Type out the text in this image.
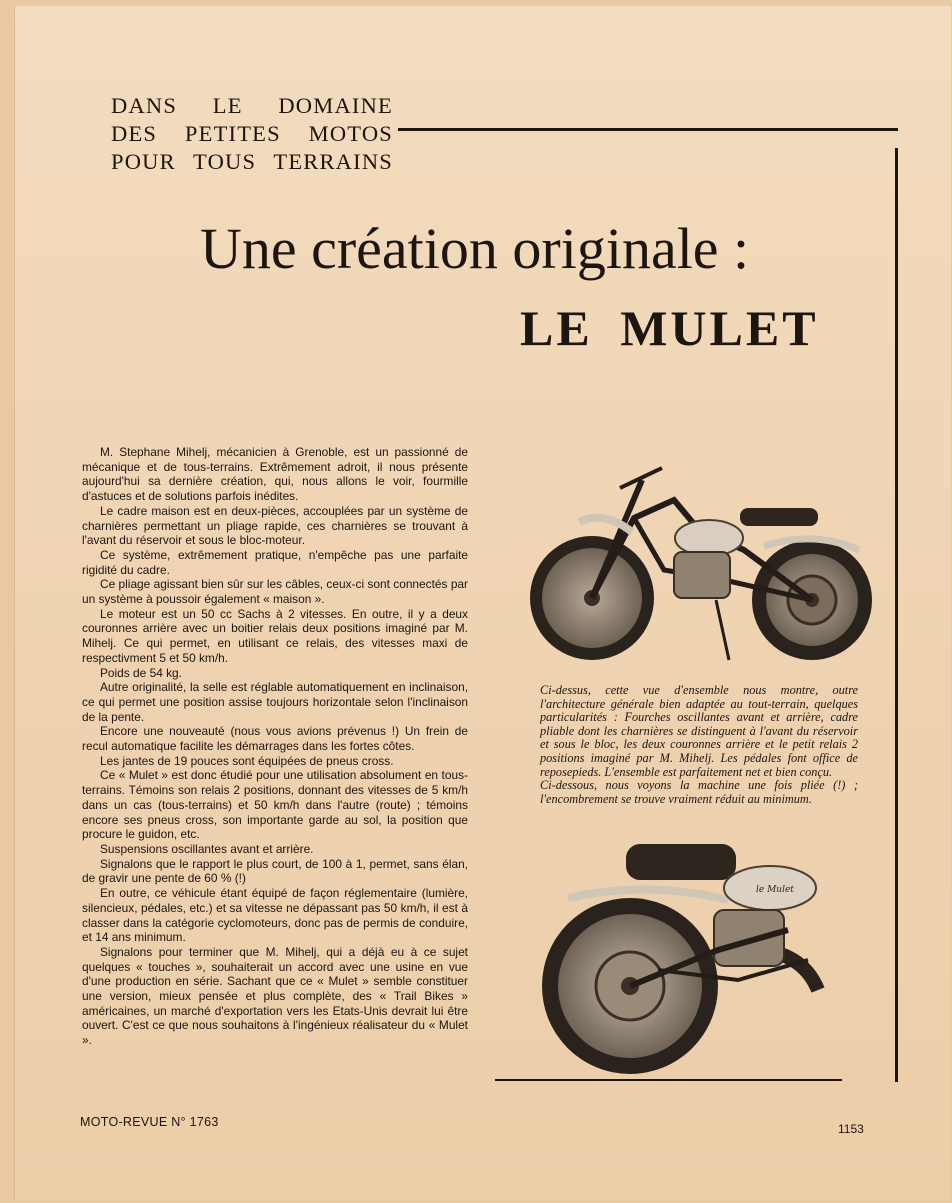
DANS LE DOMAINE
DES PETITES MOTOS
POUR TOUS TERRAINS
Une création originale :
LE MULET

M. Stephane Mihelj, mécanicien à Grenoble, est un passionné de mécanique et de tous-terrains. Extrêmement adroit, il nous présente aujourd'hui sa dernière création, qui, nous allons le voir, fourmille d'astuces et de solutions parfois inédites.

Le cadre maison est en deux-pièces, accouplées par un système de charnières permettant un pliage rapide, ces charnières se trouvant à l'avant du réservoir et sous le bloc-moteur.

Ce système, extrêmement pratique, n'empêche pas une parfaite rigidité du cadre.

Ce pliage agissant bien sûr sur les câbles, ceux-ci sont connectés par un système à poussoir également « maison ».

Le moteur est un 50 cc Sachs à 2 vitesses. En outre, il y a deux couronnes arrière avec un boitier relais deux positions imaginé par M. Mihelj. Ce qui permet, en utilisant ce relais, des vitesses maxi de respectivment 5 et 50 km/h.

Poids de 54 kg.

Autre originalité, la selle est réglable automatiquement en inclinaison, ce qui permet une position assise toujours horizontale selon l'inclinaison de la pente.

Encore une nouveauté (nous vous avions prévenus !) Un frein de recul automatique facilite les démarrages dans les fortes côtes.

Les jantes de 19 pouces sont équipées de pneus cross.

Ce « Mulet » est donc étudié pour une utilisation absolument en tous-terrains. Témoins son relais 2 positions, donnant des vitesses de 5 km/h dans un cas (tous-terrains) et 50 km/h dans l'autre (route) ; témoins encore ses pneus cross, son importante garde au sol, la position que procure le guidon, etc.

Suspensions oscillantes avant et arrière.

Signalons que le rapport le plus court, de 100 à 1, permet, sans élan, de gravir une pente de 60 % (!)

En outre, ce véhicule étant équipé de façon réglementaire (lumière, silencieux, pédales, etc.) et sa vitesse ne dépassant pas 50 km/h, il est à classer dans la catégorie cyclomoteurs, donc pas de permis de conduire, et 14 ans minimum.

Signalons pour terminer que M. Mihelj, qui a déjà eu à ce sujet quelques « touches », souhaiterait un accord avec une usine en vue d'une production en série. Sachant que ce « Mulet » semble constituer une version, mieux pensée et plus complète, des « Trail Bikes » américaines, un marché d'exportation vers les Etats-Unis devrait lui être ouvert. C'est ce que nous souhaitons à l'ingénieux réalisateur du « Mulet ».

Ci-dessus, cette vue d'ensemble nous montre, outre l'architecture générale bien adaptée au tout-terrain, quelques particularités : Fourches oscillantes avant et arrière, cadre pliable dont les charnières se distinguent à l'avant du réservoir et sous le bloc, les deux couronnes arrière et le petit relais 2 positions imaginé par M. Mihelj. Les pédales font office de reposepieds. L'ensemble est parfaitement net et bien conçu.

Ci-dessous, nous voyons la machine une fois pliée (!) ; l'encombrement se trouve vraiment réduit au minimum.

le Mulet
MOTO-REVUE N° 1763	1153
